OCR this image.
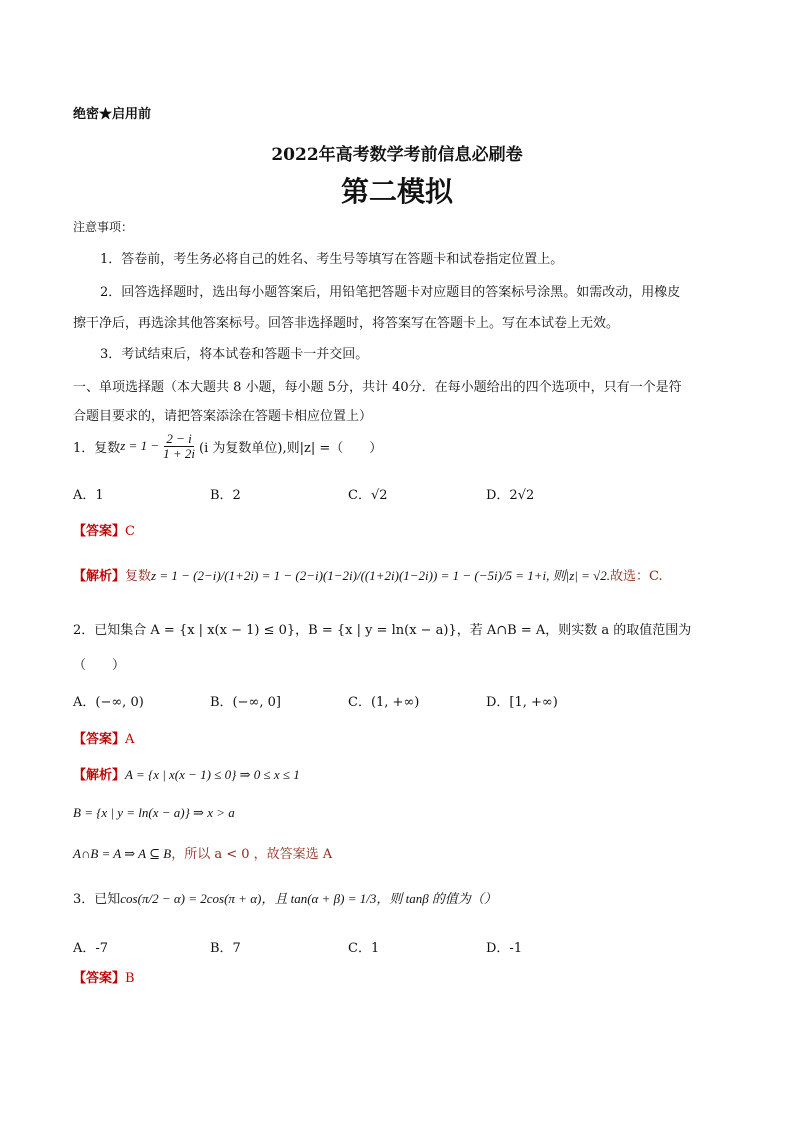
绝密★启用前
2022年高考数学考前信息必刷卷
第二模拟
注意事项：
1．答卷前，考生务必将自己的姓名、考生号等填写在答题卡和试卷指定位置上。
2．回答选择题时，选出每小题答案后，用铅笔把答题卡对应题目的答案标号涂黑。如需改动，用橡皮
擦干净后，再选涂其他答案标号。回答非选择题时，将答案写在答题卡上。写在本试卷上无效。
3．考试结束后，将本试卷和答题卡一并交回。
一、单项选择题（本大题共 8 小题，每小题 5分，共计 40分．在每小题给出的四个选项中，只有一个是符
合题目要求的，请把答案添涂在答题卡相应位置上）
1．复数 $z = 1 - \frac{2 - i}{1 + 2i} (i$ 为复数单位),则|z| =（　　）
A．1	B．2	C．√2	D．2√2
【答案】C
【解析】复数z = 1 − (2−i)/(1+2i) = 1 − (2−i)(1−2i)/((1+2i)(1−2i)) = 1 − (−5i)/5 = 1+i, 则|z| = √2.故选：C.
2．已知集合 A = {x | x(x − 1) ≤ 0}，B = {x | y = ln(x − a)}，若 A∩B = A，则实数 a 的取值范围为
（　　）
A．(−∞, 0)	B．(−∞, 0]	C．(1, +∞)	D．[1, +∞)
【答案】A
【解析】A = {x | x(x − 1) ≤ 0} ⇒ 0 ≤ x ≤ 1
B = {x | y = ln(x − a)} ⇒ x > a
A∩B = A ⇒ A ⊆ B，所以 a < 0 ，故答案选 A
3．已知cos(π/2 − α) = 2cos(π + α)，且 tan(α + β) = 1/3，则 tanβ 的值为（）
A．-7	B．7	C．1	D．-1
【答案】B
